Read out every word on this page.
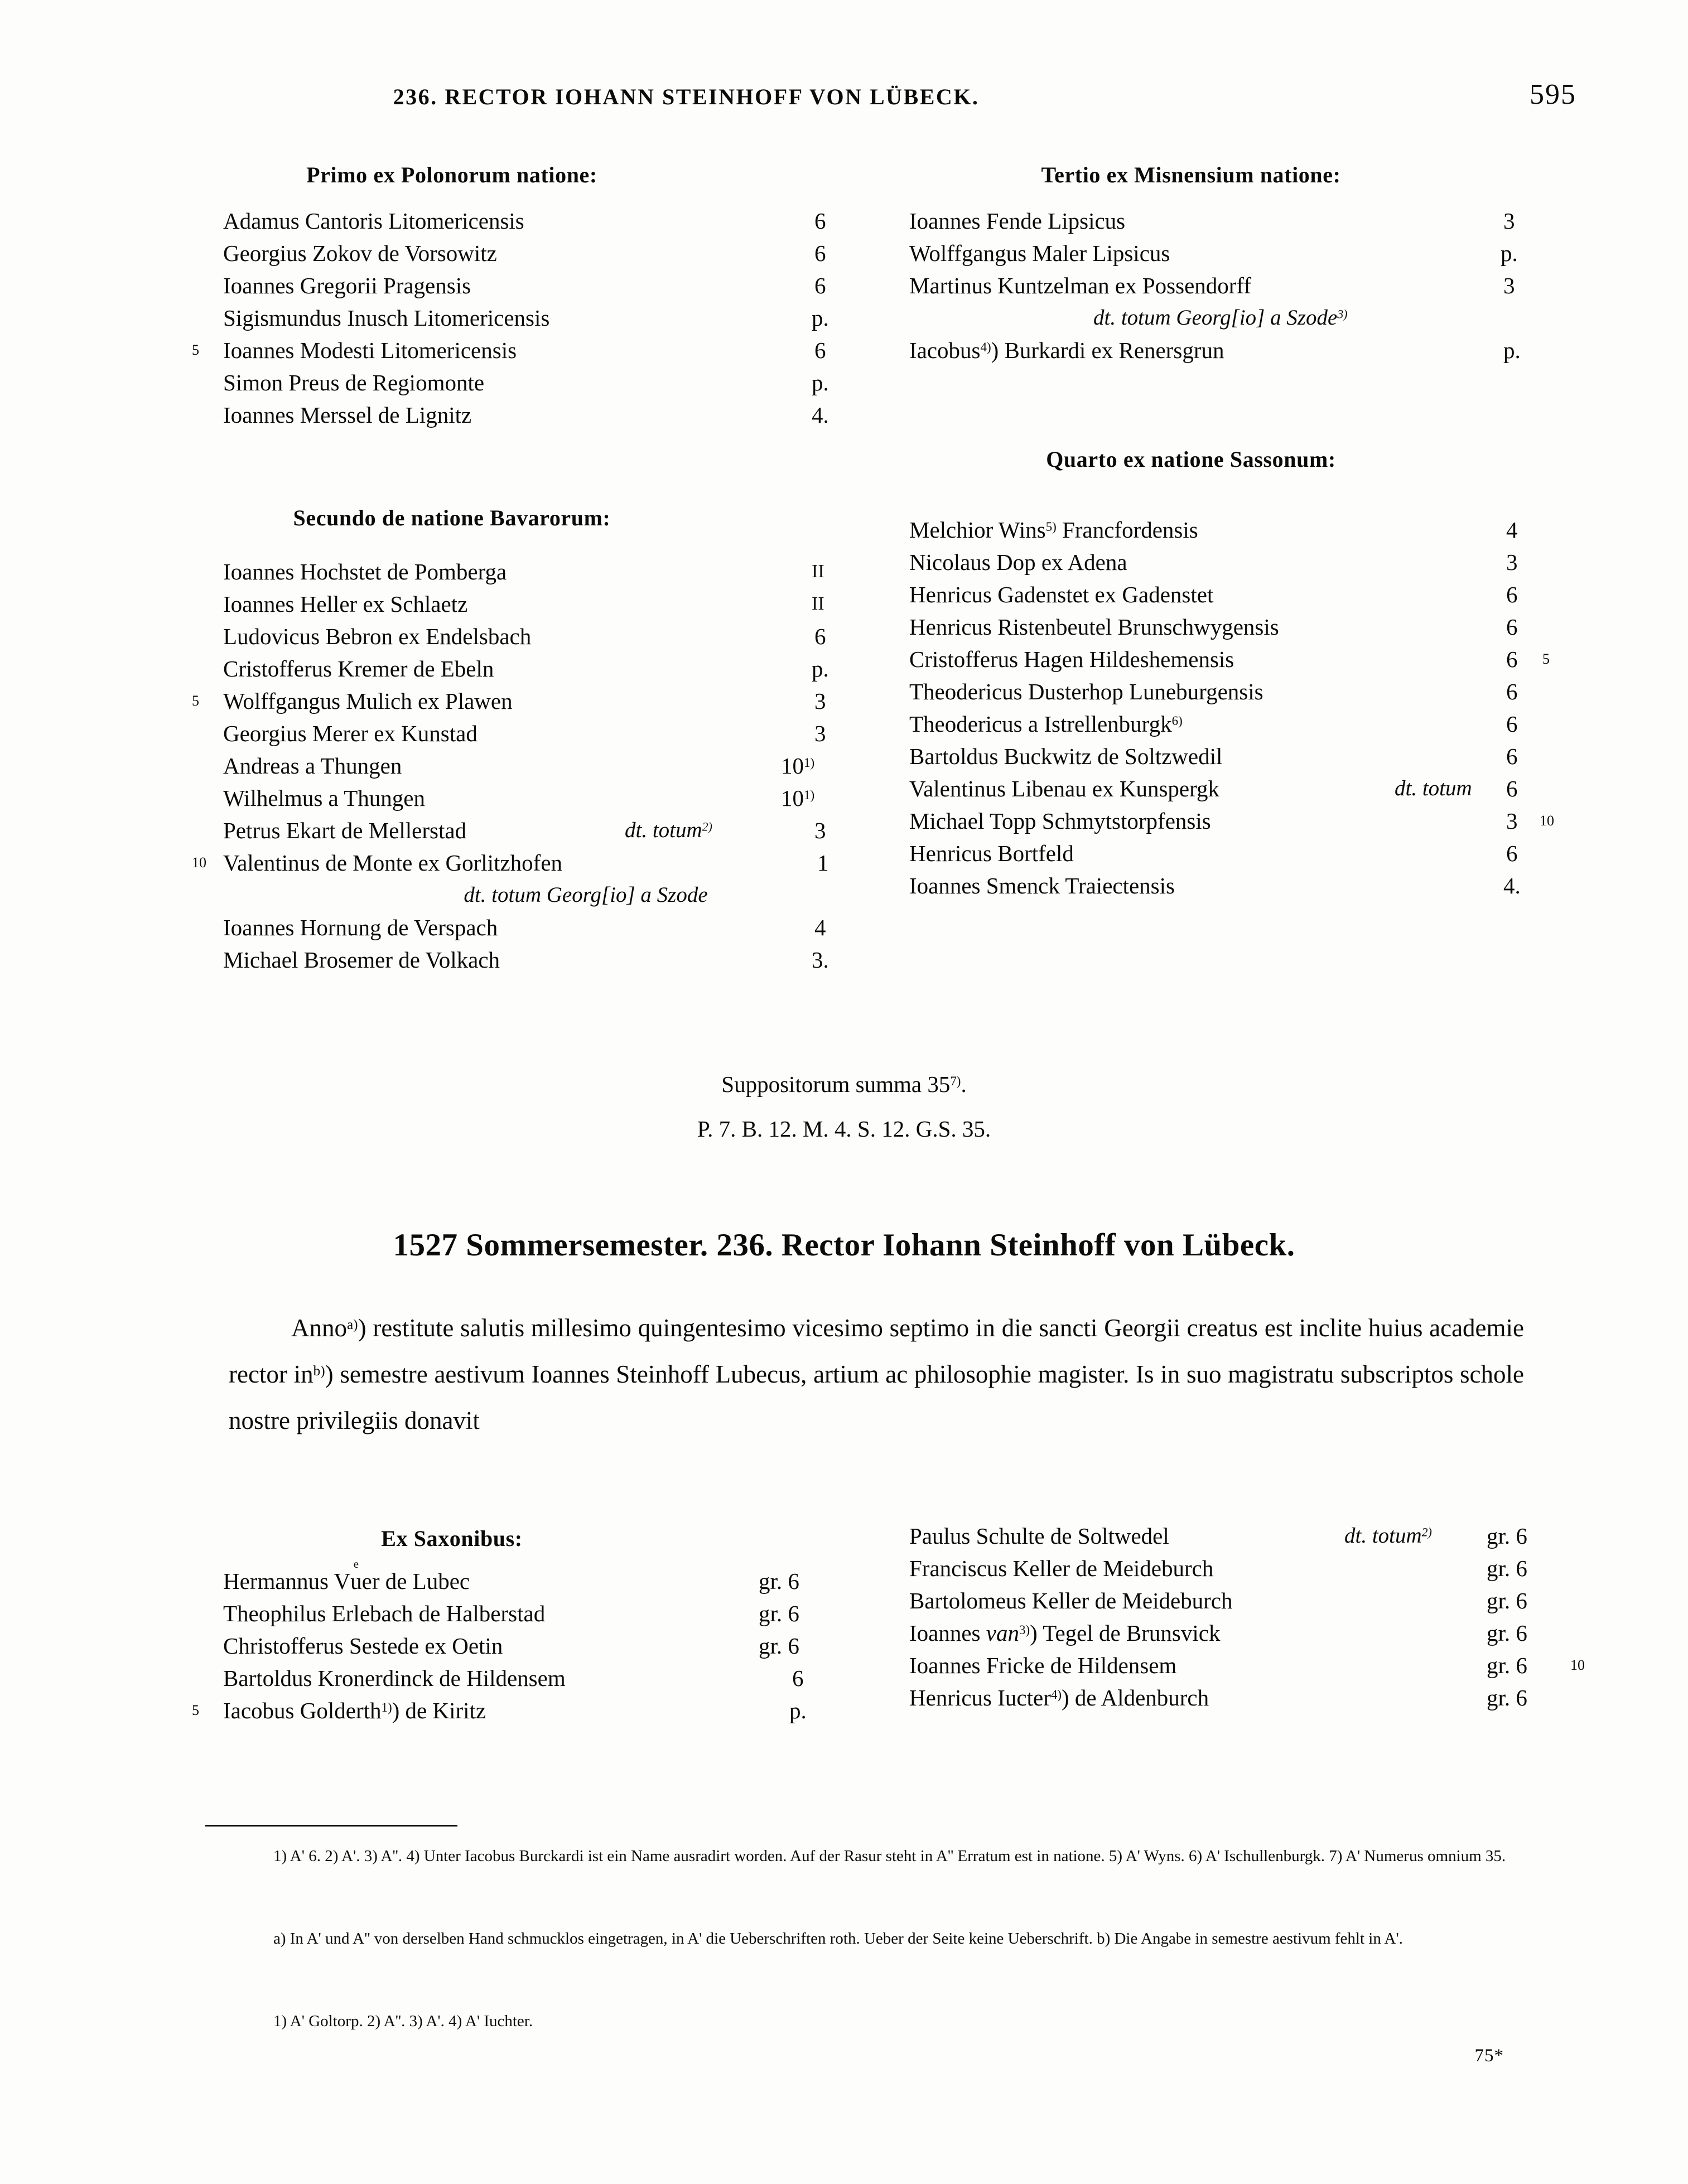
236. RECTOR IOHANN STEINHOFF VON LÜBECK.	595
Primo ex Polonorum natione:
Adamus Cantoris Litomericensis	6
Georgius Zokov de Vorsowitz	6
Ioannes Gregorii Pragensis	6
Sigismundus Inusch Litomericensis	p.
5 Ioannes Modesti Litomericensis	6
Simon Preus de Regiomonte	p.
Ioannes Merssel de Lignitz	4.
Secundo de natione Bavarorum:
Ioannes Hochstet de Pomberga	II
Ioannes Heller ex Schlaetz	II
Ludovicus Bebron ex Endelsbach	6
Cristofferus Kremer de Ebeln	p.
5 Wolffgangus Mulich ex Plawen	3
Georgius Merer ex Kunstad	3
Andreas a Thungen	10$^{1)}$
Wilhelmus a Thungen	10$^{1)}$
Petrus Ekart de Mellerstad	dt. totum$^{2)}$	3
10 Valentinus de Monte ex Gorlitzhofen	1
dt. totum Georg[io] a Szode
Ioannes Hornung de Verspach	4
Michael Brosemer de Volkach	3.
Tertio ex Misnensium natione:
Ioannes Fende Lipsicus	3
Wolffgangus Maler Lipsicus	p.
Martinus Kuntzelman ex Possendorff	3
dt. totum Georg[io] a Szode$^{3)}$
Iacobus$^{4)}$) Burkardi ex Renersgrun	p.
Quarto ex natione Sassonum:
Melchior Wins$^{5)}$ Francfordensis	4
Nicolaus Dop ex Adena	3
Henricus Gadenstet ex Gadenstet	6
Henricus Ristenbeutel Brunschwygensis	6
Cristofferus Hagen Hildeshemensis	6 5
Theodericus Dusterhop Luneburgensis	6
Theodericus a Istrellenburgk$^{6)}$	6
Bartoldus Buckwitz de Soltzwedil	6
Valentinus Libenau ex Kunspergk	dt. totum 6
Michael Topp Schmytstorpfensis	3 10
Henricus Bortfeld	6
Ioannes Smenck Traiectensis	4.
Suppositorum summa 35$^{7)}$.
P. 7. B. 12. M. 4. S. 12. G.S. 35.
1527 Sommersemester. 236. Rector Iohann Steinhoff von Lübeck.
Anno$^{a)}$) restitute salutis millesimo quingentesimo vicesimo septimo in die sancti Georgii creatus est inclite huius academie rector $in^{b)}$) semestre aestivum Ioannes Steinhoff Lubecus, artium ac philosophie magister. Is in suo magistratu subscriptos schole nostre privilegiis donavit
Ex Saxonibus:
Hermannus Vu
e
er de Lubec	gr. 6
Theophilus Erlebach de Halberstad	gr. 6
Christofferus Sestede ex Oetin	gr. 6
Bartoldus Kronerdinck de Hildensem	6
5 Iacobus Golderth$^{1)}$) de Kiritz	p.
Paulus Schulte de Soltwedel	dt. totum$^{2)}$ gr. 6
Franciscus Keller de Meideburch	gr. 6
Bartolomeus Keller de Meideburch	gr. 6
Ioannes van$^{3)}$) Tegel de Brunsvick	gr. 6
Ioannes Fricke de Hildensem	gr. 6	10
Henricus Iucter$^{4)}$) de Aldenburch	gr. 6
1) A' 6. 2) A'. 3) A''. 4) Unter Iacobus Burckardi ist ein Name ausradirt worden. Auf der Rasur steht in A'' Erratum est in natione. 5) A' Wyns. 6) A' Ischullenburgk. 7) A' Numerus omnium 35.
a) In A' und A'' von derselben Hand schmucklos eingetragen, in A' die Ueberschriften roth. Ueber der Seite keine Ueberschrift. b) Die Angabe in semestre aestivum fehlt in A'.
1) A' Goltorp. 2) A''. 3) A'. 4) A' Iuchter.
75*
